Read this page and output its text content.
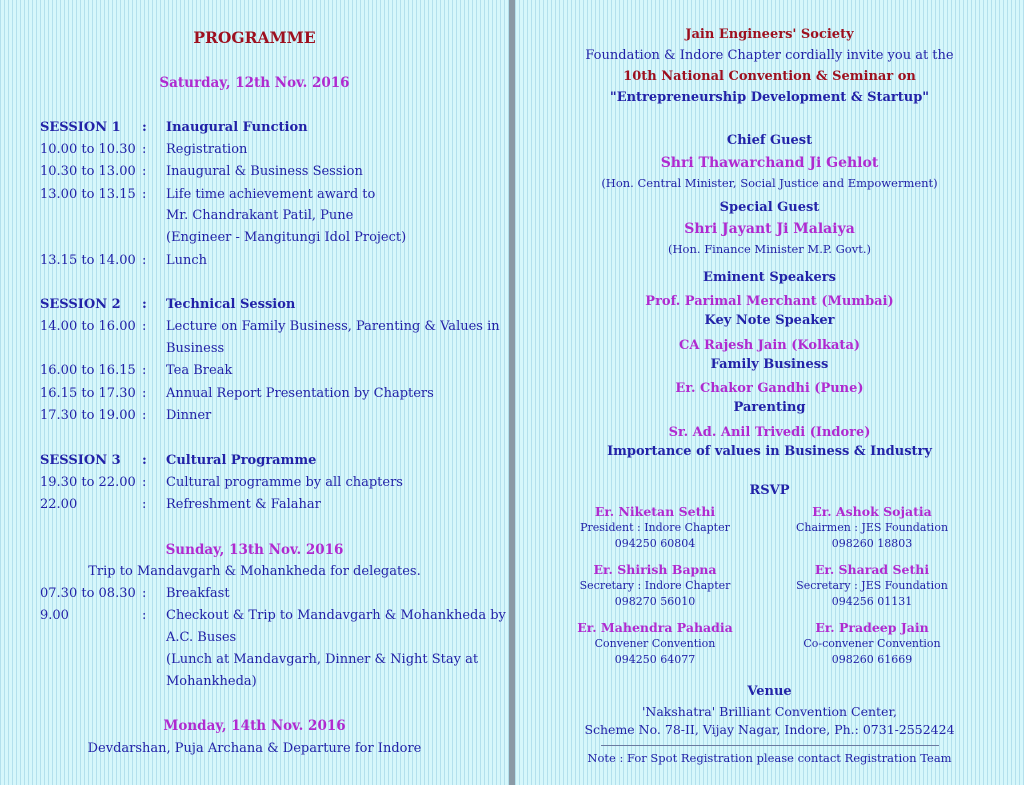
PROGRAMME
Saturday, 12th Nov. 2016
SESSION 1 : Inaugural Function
10.00 to 10.30 : Registration
10.30 to 13.00 : Inaugural & Business Session
13.00 to 13.15 : Life time achievement award to
Mr. Chandrakant Patil, Pune
(Engineer - Mangitungi Idol Project)
13.15 to 14.00 : Lunch
SESSION 2 : Technical Session
14.00 to 16.00 : Lecture on Family Business, Parenting & Values in
Business
16.00 to 16.15 : Tea Break
16.15 to 17.30 : Annual Report Presentation by Chapters
17.30 to 19.00 : Dinner
SESSION 3 : Cultural Programme
19.30 to 22.00 : Cultural programme by all chapters
22.00	: Refreshment & Falahar
Sunday, 13th Nov. 2016
Trip to Mandavgarh & Mohankheda for delegates.
07.30 to 08.30 : Breakfast
9.00	: Checkout & Trip to Mandavgarh & Mohankheda by
A.C. Buses
(Lunch at Mandavgarh, Dinner & Night Stay at
Mohankheda)
Monday, 14th Nov. 2016
Devdarshan, Puja Archana & Departure for Indore
Jain Engineers' Society
Foundation & Indore Chapter cordially invite you at the
10th National Convention & Seminar on
"Entrepreneurship Development & Startup"
Chief Guest
Shri Thawarchand Ji Gehlot
(Hon. Central Minister, Social Justice and Empowerment)
Special Guest
Shri Jayant Ji Malaiya
(Hon. Finance Minister M.P. Govt.)
Eminent Speakers
Prof. Parimal Merchant (Mumbai)
Key Note Speaker
CA Rajesh Jain (Kolkata)
Family Business
Er. Chakor Gandhi (Pune)
Parenting
Sr. Ad. Anil Trivedi (Indore)
Importance of values in Business & Industry
RSVP
Er. Niketan Sethi
President : Indore Chapter
094250 60804
Er. Ashok Sojatia
Chairmen : JES Foundation
098260 18803
Er. Shirish Bapna
Secretary : Indore Chapter
098270 56010
Er. Sharad Sethi
Secretary : JES Foundation
094256 01131
Er. Mahendra Pahadia
Convener Convention
094250 64077
Er. Pradeep Jain
Co-convener Convention
098260 61669
Venue
'Nakshatra' Brilliant Convention Center,
Scheme No. 78-II, Vijay Nagar, Indore, Ph.: 0731-2552424
Note : For Spot Registration please contact Registration Team
